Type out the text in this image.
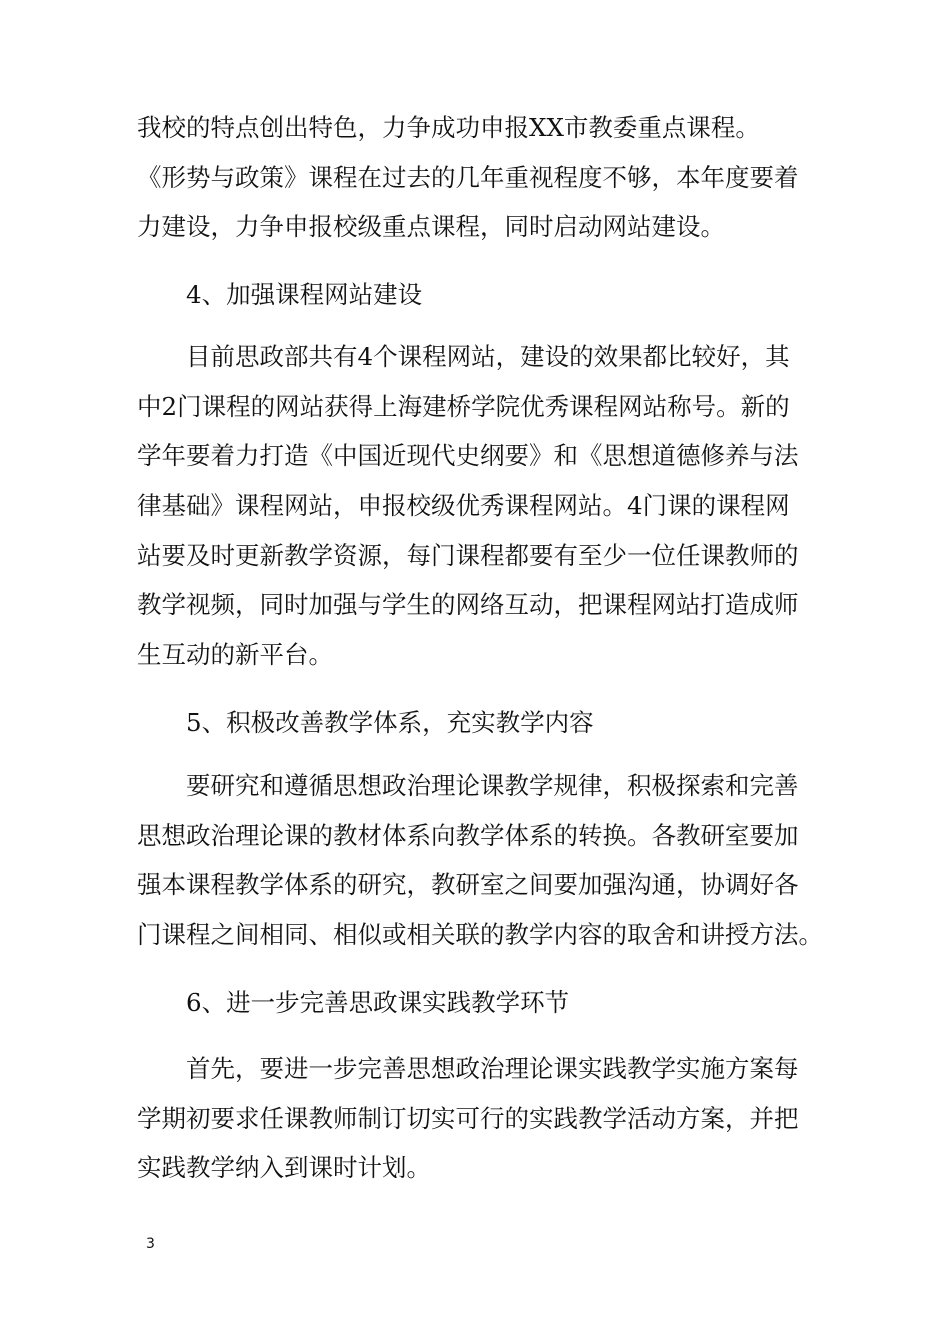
我校的特点创出特色，力争成功申报XX市教委重点课程。
《形势与政策》课程在过去的几年重视程度不够，本年度要着
力建设，力争申报校级重点课程，同时启动网站建设。
4、加强课程网站建设
目前思政部共有4个课程网站，建设的效果都比较好，其
中2门课程的网站获得上海建桥学院优秀课程网站称号。新的
学年要着力打造《中国近现代史纲要》和《思想道德修养与法
律基础》课程网站，申报校级优秀课程网站。4门课的课程网
站要及时更新教学资源，每门课程都要有至少一位任课教师的
教学视频，同时加强与学生的网络互动，把课程网站打造成师
生互动的新平台。
5、积极改善教学体系，充实教学内容
要研究和遵循思想政治理论课教学规律，积极探索和完善
思想政治理论课的教材体系向教学体系的转换。各教研室要加
强本课程教学体系的研究，教研室之间要加强沟通，协调好各
门课程之间相同、相似或相关联的教学内容的取舍和讲授方法。
6、进一步完善思政课实践教学环节
首先，要进一步完善思想政治理论课实践教学实施方案每
学期初要求任课教师制订切实可行的实践教学活动方案，并把
实践教学纳入到课时计划。
3
